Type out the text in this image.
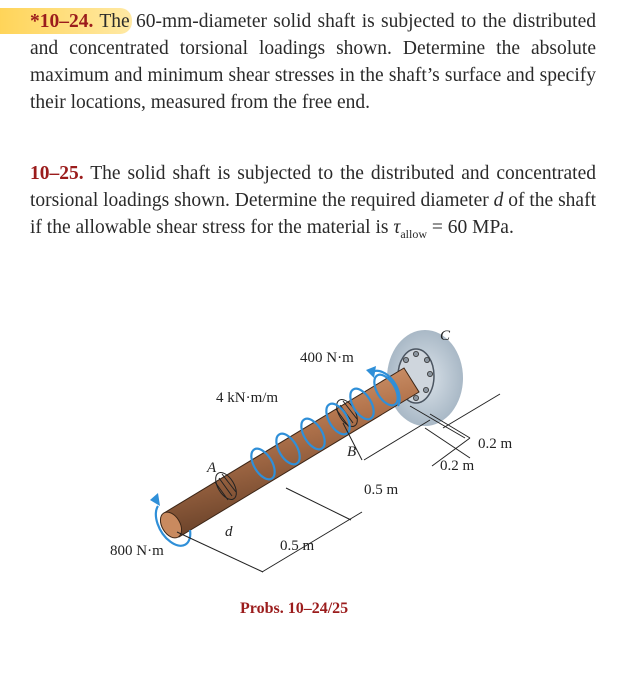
*10–24. The 60-mm-diameter solid shaft is subjected to the distributed and concentrated torsional loadings shown. Determine the absolute maximum and minimum shear stresses in the shaft’s surface and specify their locations, measured from the free end.
10–25. The solid shaft is subjected to the distributed and concentrated torsional loadings shown. Determine the required diameter d of the shaft if the allowable shear stress for the material is $\tau_{allow} = 60$ MPa.
C
A
B
d
400 N·m
4 kN·m/m
800 N·m
0.2 m
0.2 m
0.5 m
0.5 m
Probs. 10–24/25
